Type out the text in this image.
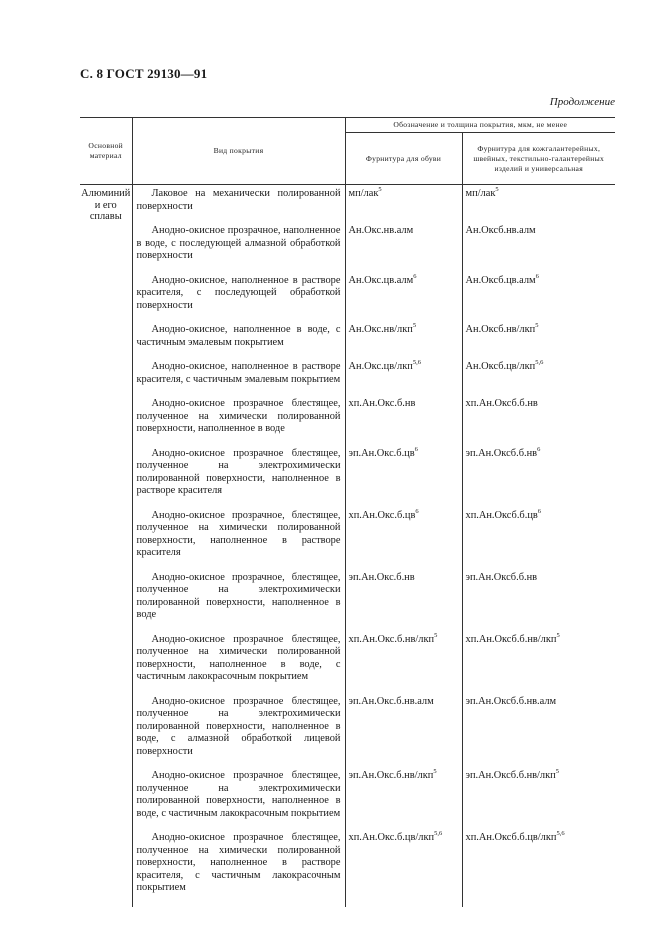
С. 8 ГОСТ 29130—91
Продолжение
Основной материал	Вид покрытия	Обозначение и толщина покрытия, мкм, не менее	
		Фурнитура для обуви	Фурнитура для кожгалантерейных, швейных, текстильно-галантерейных изделий и универсальная
Алюминий и его сплавы	Лаковое на механически полированной поверхности	мп/лак$^5$	мп/лак$^5$

	Анодно-окисное прозрачное, наполненное в воде, с последующей алмазной обработкой поверхности	Ан.Окс.нв.алм	Ан.Оксб.нв.алм

	Анодно-окисное, наполненное в растворе красителя, с последующей обработкой поверхности	Ан.Окс.цв.алм$^6$	Ан.Оксб.цв.алм$^6$

	Анодно-окисное, наполненное в воде, с частичным эмалевым покрытием	Ан.Окс.нв/лкп$^5$	Ан.Оксб.нв/лкп$^5$

	Анодно-окисное, наполненное в растворе красителя, с частичным эмалевым покрытием	Ан.Окс.цв/лкп$^{5,6}$	Ан.Оксб.цв/лкп$^{5,6}$

	Анодно-окисное прозрачное блестящее, полученное на химически полированной поверхности, наполненное в воде	хп.Ан.Окс.б.нв	хп.Ан.Оксб.б.нв

	Анодно-окисное прозрачное блестящее, полученное на электрохимически полированной поверхности, наполненное в растворе красителя	$эп.Ан.Окс.б.цв^6$	$эп.Ан.Оксб.б.нв^6$

	Анодно-окисное прозрачное, блестящее, полученное на химически полированной поверхности, наполненное в растворе красителя	$хп.Ан.Окс.б.цв^6$	$хп.Ан.Оксб.б.цв^6$

	Анодно-окисное прозрачное, блестящее, полученное на электрохимически полированной поверхности, наполненное в воде	эп.Ан.Окс.б.нв	эп.Ан.Оксб.б.нв

	Анодно-окисное прозрачное блестящее, полученное на химически полированной поверхности, наполненное в воде, с частичным лакокрасочным покрытием	хп.Ан.Окс.б.нв/лкп$^5$	хп.Ан.Оксб.б.нв/лкп$^5$

	Анодно-окисное прозрачное блестящее, полученное на электрохимически полированной поверхности, наполненное в воде, с алмазной обработкой лицевой поверхности	эп.Ан.Окс.б.нв.алм	эп.Ан.Оксб.б.нв.алм

	Анодно-окисное прозрачное блестящее, полученное на электрохимически полированной поверхности, наполненное в воде, с частичным лакокрасочным покрытием	эп.Ан.Окс.б.нв/лкп$^5$	эп.Ан.Оксб.б.нв/лкп$^5$

	Анодно-окисное прозрачное блестящее, полученное на химически полированной поверхности, наполненное в растворе красителя, с частичным лакокрасочным покрытием	хп.Ан.Окс.б.цв/лкп$^{5,6}$	хп.Ан.Оксб.б.цв/лкп$^{5,6}$
